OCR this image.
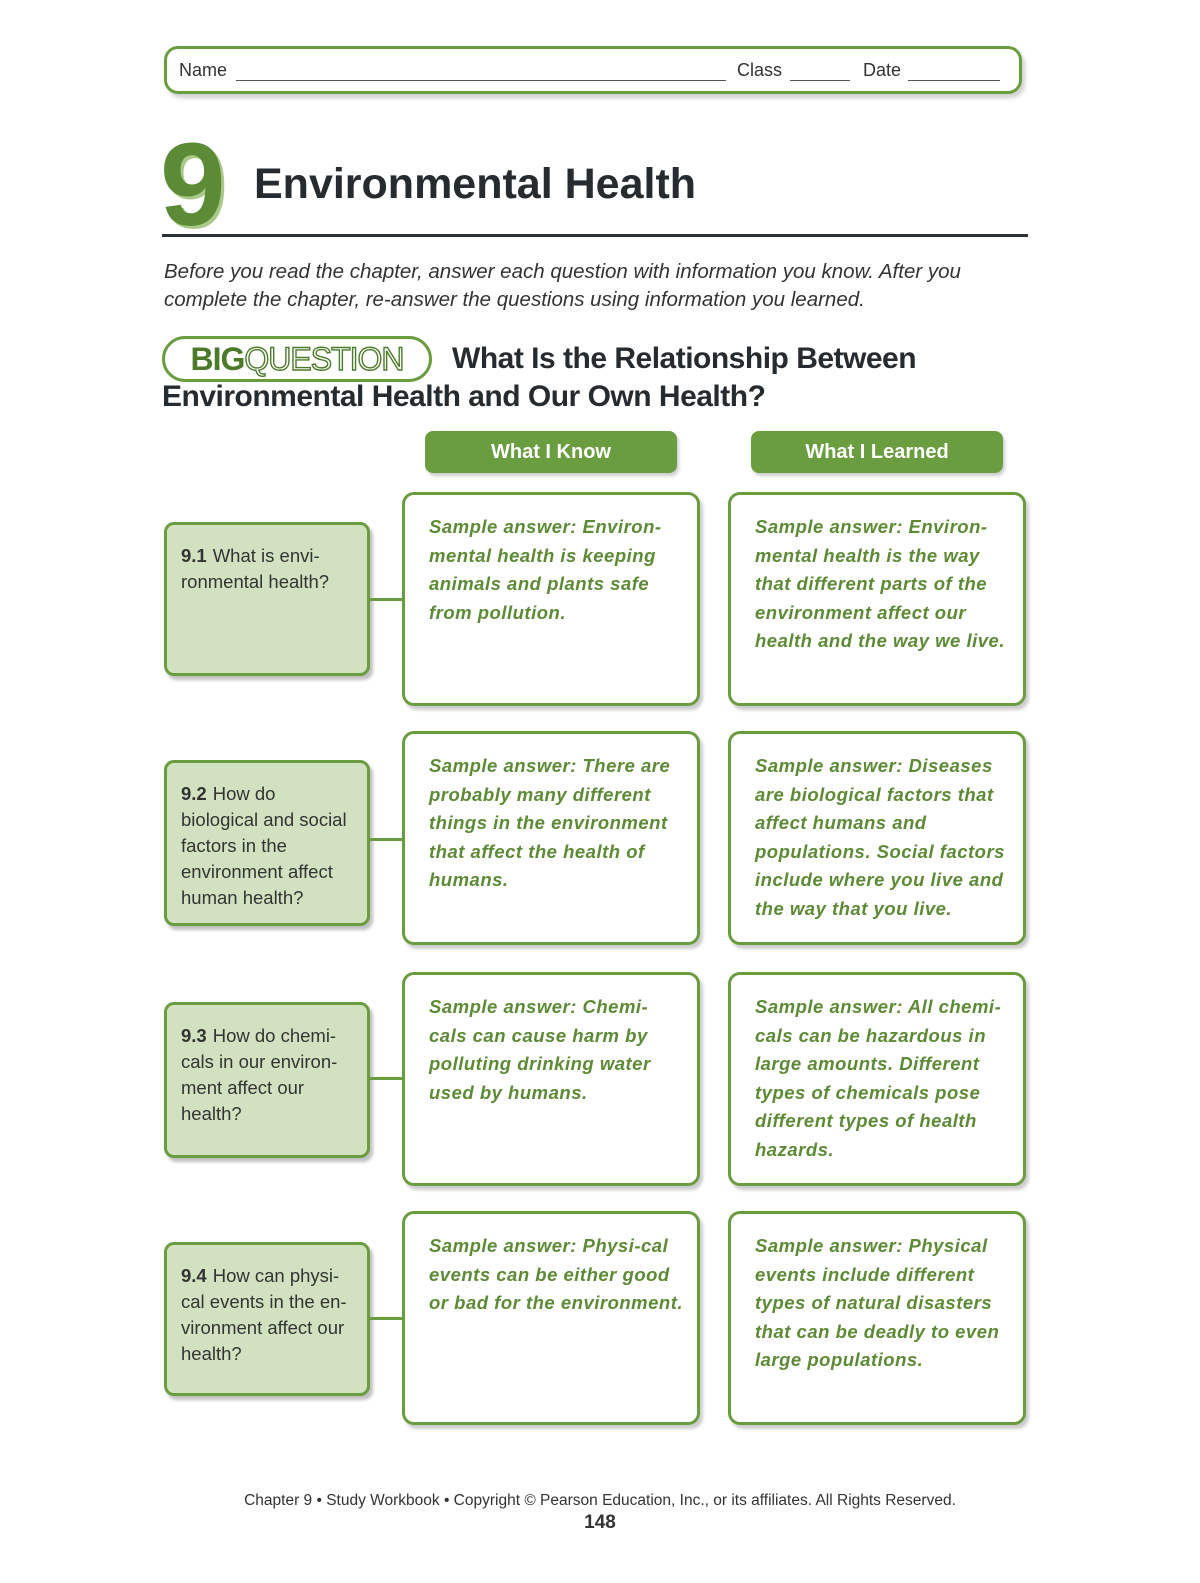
Name	Class	Date
9 Environmental Health
Before you read the chapter, answer each question with information you know. After you complete the chapter, re-answer the questions using information you learned.
What Is the Relationship Between Environmental Health and Our Own Health?
BIG QUESTION
What I Know	What I Learned
9.1 What is envi-ronmental health?
Sample answer: Environ-mental health is keeping animals and plants safe from pollution.
Sample answer: Environ-mental health is the way that different parts of the environment affect our health and the way we live.
9.2 How do biological and social factors in the environment affect human health?
Sample answer: There are probably many different things in the environment that affect the health of humans.
Sample answer: Diseases are biological factors that affect humans and populations. Social factors include where you live and the way that you live.
9.3 How do chemi-cals in our environ-ment affect our health?
Sample answer: Chemi-cals can cause harm by polluting drinking water used by humans.
Sample answer: All chemi-cals can be hazardous in large amounts. Different types of chemicals pose different types of health hazards.
9.4 How can physi-cal events in the en-vironment affect our health?
Sample answer: Physi-cal events can be either good or bad for the environment.
Sample answer: Physical events include different types of natural disasters that can be deadly to even large populations.
Chapter 9 • Study Workbook • Copyright © Pearson Education, Inc., or its affiliates. All Rights Reserved.
148
